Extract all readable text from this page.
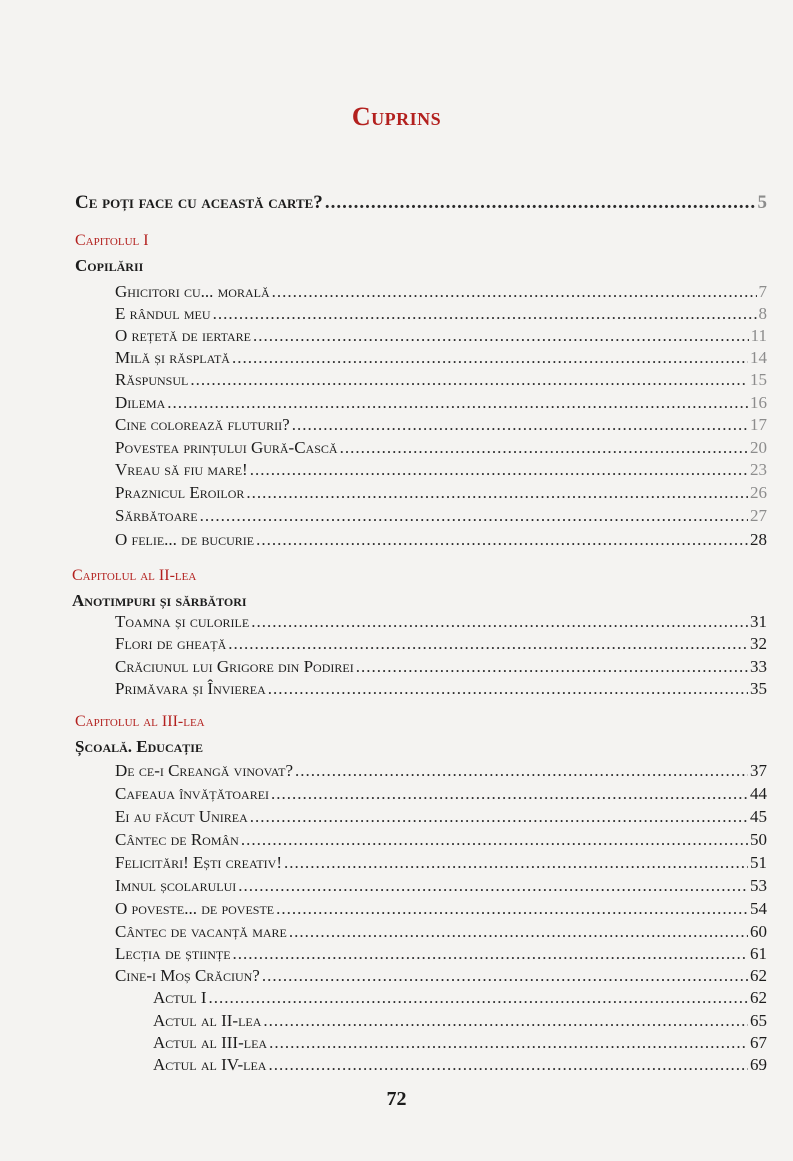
Cuprins
Ce poți face cu această carte? .....	5
Capitolul I
Copilării
Ghicitori cu... morală .....	7
E rândul meu .....	8
O rețetă de iertare .....	11
Milă și răsplată .....	14
Răspunsul .....	15
Dilema .....	16
Cine colorează fluturii? .....	17
Povestea prințului Gură-Cască .....	20
Vreau să fiu mare! .....	23
Praznicul Eroilor .....	26
Sărbătoare .....	27
O felie... de bucurie .....	28
Capitolul al II-lea
Anotimpuri și sărbători
Toamna și culorile .....	31
Flori de gheață .....	32
Crăciunul lui Grigore din Podirei .....	33
Primăvara și Învierea .....	35
Capitolul al III-lea
Școală. Educație
De ce-i Creangă vinovat? .....	37
Cafeaua învățătoarei .....	44
Ei au făcut Unirea .....	45
Cântec de Român .....	50
Felicitări! Ești creativ! .....	51
Imnul școlarului .....	53
O poveste... de poveste .....	54
Cântec de vacanță mare .....	60
Lecția de științe .....	61
Cine-i Moș Crăciun? .....	62
Actul I .....	62
Actul al II-lea .....	65
Actul al III-lea .....	67
Actul al IV-lea .....	69
72
